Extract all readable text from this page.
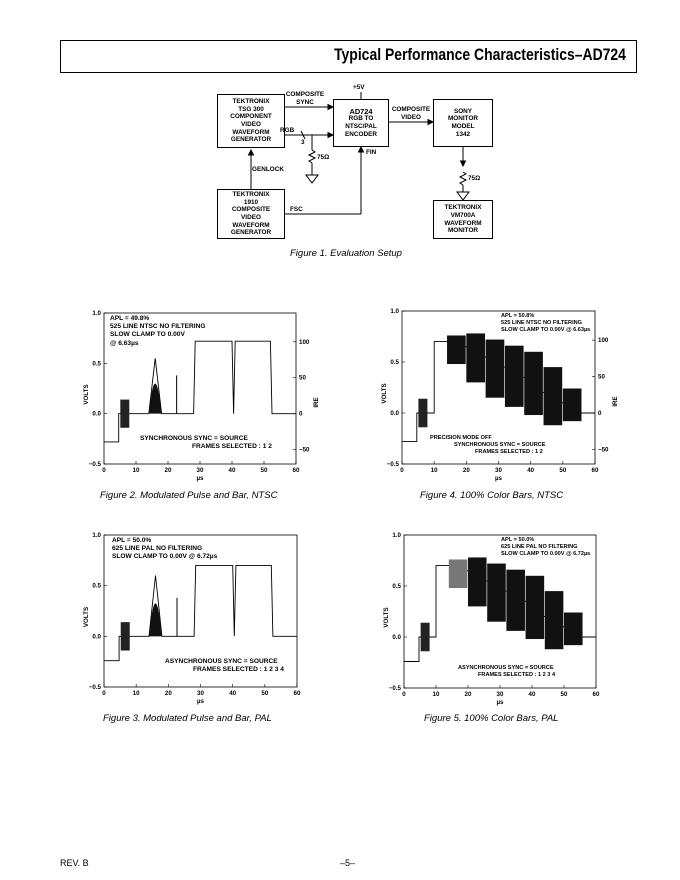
Typical Performance Characteristics–AD724
TEKTRONIX
TSG 300
COMPONENT
VIDEO
WAVEFORM
GENERATOR
TEKTRONIX
1910
COMPOSITE
VIDEO
WAVEFORM
GENERATOR
AD724
RGB TO
NTSC/PAL
ENCODER
SONY
MONITOR
MODEL
1342
TEKTRONIX
VM700A
WAVEFORM
MONITOR
COMPOSITE
SYNC
COMPOSITE
VIDEO
RGB
3
+5V
FIN
FSC
GENLOCK
75Ω
75Ω
Figure 1. Evaluation Setup
0	10	20	30	40	50	60
1.0
0.5
0.0
−0.5
100
50
0
−50
IRE
µs
VOLTS
0	10	20	30	40	50	60
1.0
0.5
0.0
−0.5
µs
VOLTS
0	10	20	30	40	50	60
1.0
0.5
0.0
−0.5
100
50
0
−50
IRE
µs
VOLTS
0	10	20	30	40	50	60
1.0
0.5
0.0
−0.5
µs
VOLTS
APL = 49.8%
525 LINE NTSC NO FILTERING
SLOW CLAMP TO 0.00V
@ 6.63µs
SYNCHRONOUS SYNC = SOURCE
FRAMES SELECTED : 1 2
APL = 50.8%
525 LINE NTSC NO FILTERING
SLOW CLAMP TO 0.00V @ 6.63µs
PRECISION MODE OFF
SYNCHRONOUS SYNC = SOURCE
FRAMES SELECTED : 1 2
APL = 50.0%
625 LINE PAL NO FILTERING
SLOW CLAMP TO 0.00V @ 6.72µs
ASYNCHRONOUS SYNC = SOURCE
FRAMES SELECTED : 1 2 3 4
APL = 50.0%
625 LINE PAL NO FILTERING
SLOW CLAMP TO 0.00V @ 6.72µs
ASYNCHRONOUS SYNC = SOURCE
FRAMES SELECTED : 1 2 3 4
Figure 2. Modulated Pulse and Bar, NTSC	Figure 4. 100% Color Bars, NTSC
Figure 3. Modulated Pulse and Bar, PAL	Figure 5. 100% Color Bars, PAL
REV. B	–5–
